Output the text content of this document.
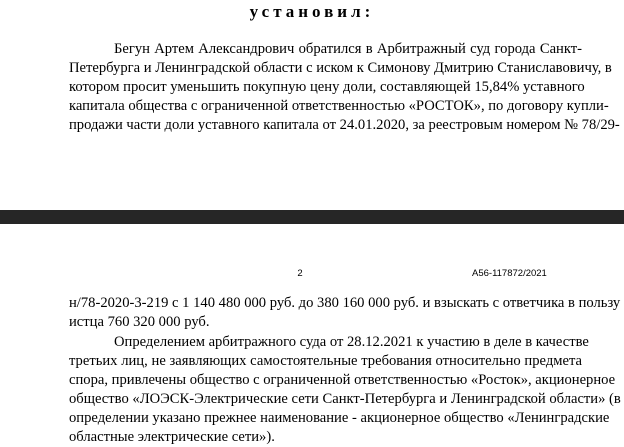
установил:
Бегун Артем Александрович обратился в Арбитражный суд города Санкт-
Петербурга и Ленинградской области с иском к Симонову Дмитрию Станиславовичу, в
котором просит уменьшить покупную цену доли, составляющей 15,84% уставного
капитала общества с ограниченной ответственностью «РОСТОК», по договору купли-
продажи части доли уставного капитала от 24.01.2020, за реестровым номером № 78/29-
2	А56-117872/2021
н/78-2020-3-219 с 1 140 480 000 руб. до 380 160 000 руб. и взыскать с ответчика в пользу
истца 760 320 000 руб.
Определением арбитражного суда от 28.12.2021 к участию в деле в качестве
третьих лиц, не заявляющих самостоятельные требования относительно предмета
спора, привлечены общество с ограниченной ответственностью «Росток», акционерное
общество «ЛОЭСК-Электрические сети Санкт-Петербурга и Ленинградской области» (в
определении указано прежнее наименование - акционерное общество «Ленинградские
областные электрические сети»).
